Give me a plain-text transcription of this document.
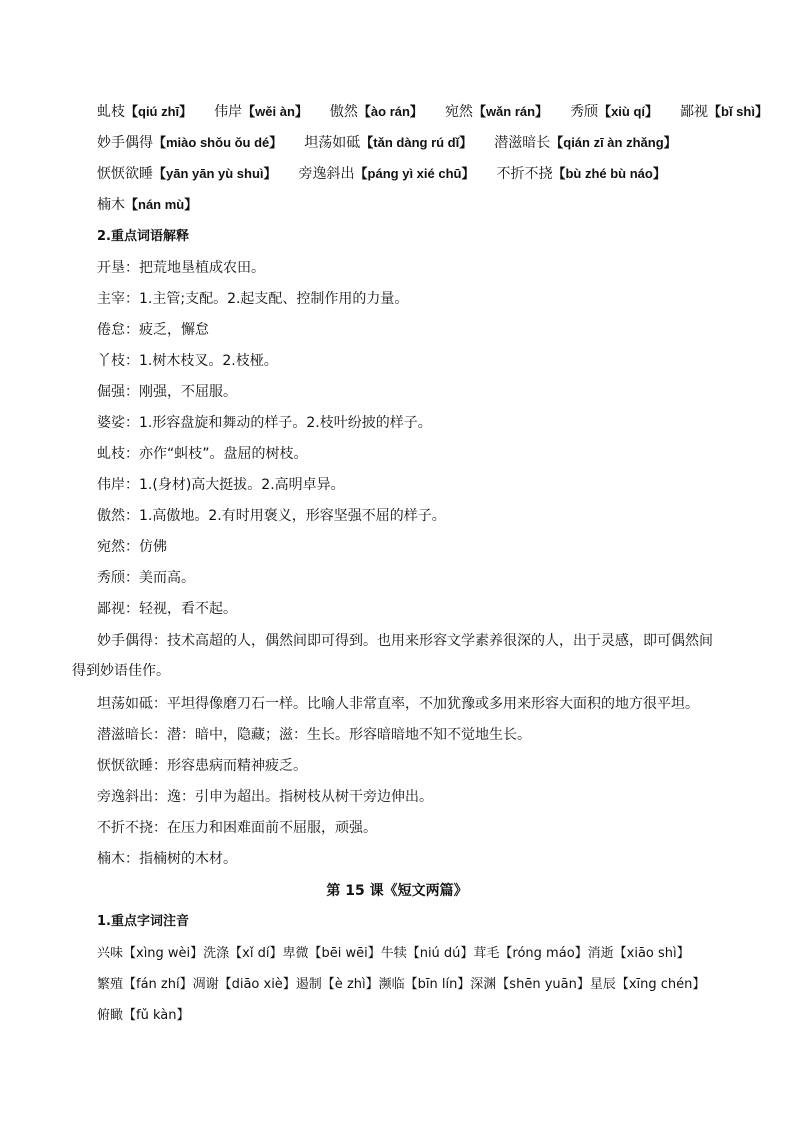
虬枝【qiú zhī】 伟岸【wěi àn】 傲然【ào rán】 宛然【wǎn rán】 秀颀【xiù qí】 鄙视【bǐ shì】
妙手偶得【miào shǒu ǒu dé】 坦荡如砥【tǎn dàng rú dǐ】 潜滋暗长【qián zī àn zhǎng】
恹恹欲睡【yān yān yù shuì】 旁逸斜出【páng yì xié chū】 不折不挠【bù zhé bù náo】
楠木【nán mù】
2.重点词语解释
开垦：把荒地垦植成农田。
主宰：1.主管;支配。2.起支配、控制作用的力量。
倦怠：疲乏，懈怠
丫枝：1.树木枝叉。2.枝桠。
倔强：刚强，不屈服。
婆娑：1.形容盘旋和舞动的样子。2.枝叶纷披的样子。
虬枝：亦作“虯枝”。盘屈的树枝。
伟岸：1.(身材)高大挺拔。2.高明卓异。
傲然：1.高傲地。2.有时用褒义，形容坚强不屈的样子。
宛然：仿佛
秀颀：美而高。
鄙视：轻视，看不起。
妙手偶得：技术高超的人，偶然间即可得到。也用来形容文学素养很深的人，出于灵感，即可偶然间
得到妙语佳作。
坦荡如砥：平坦得像磨刀石一样。比喻人非常直率，不加犹豫或多用来形容大面积的地方很平坦。
潜滋暗长：潜：暗中，隐藏；滋：生长。形容暗暗地不知不觉地生长。
恹恹欲睡：形容患病而精神疲乏。
旁逸斜出：逸：引申为超出。指树枝从树干旁边伸出。
不折不挠：在压力和困难面前不屈服，顽强。
楠木：指楠树的木材。
第 15 课《短文两篇》
1.重点字词注音
兴味【xìng wèi】洗涤【xǐ dí】卑微【bēi wēi】牛犊【niú dú】茸毛【róng máo】消逝【xiāo shì】
繁殖【fán zhí】凋谢【diāo xiè】遏制【è zhì】濒临【bīn lín】深渊【shēn yuān】星辰【xīng chén】
俯瞰【fǔ kàn】
